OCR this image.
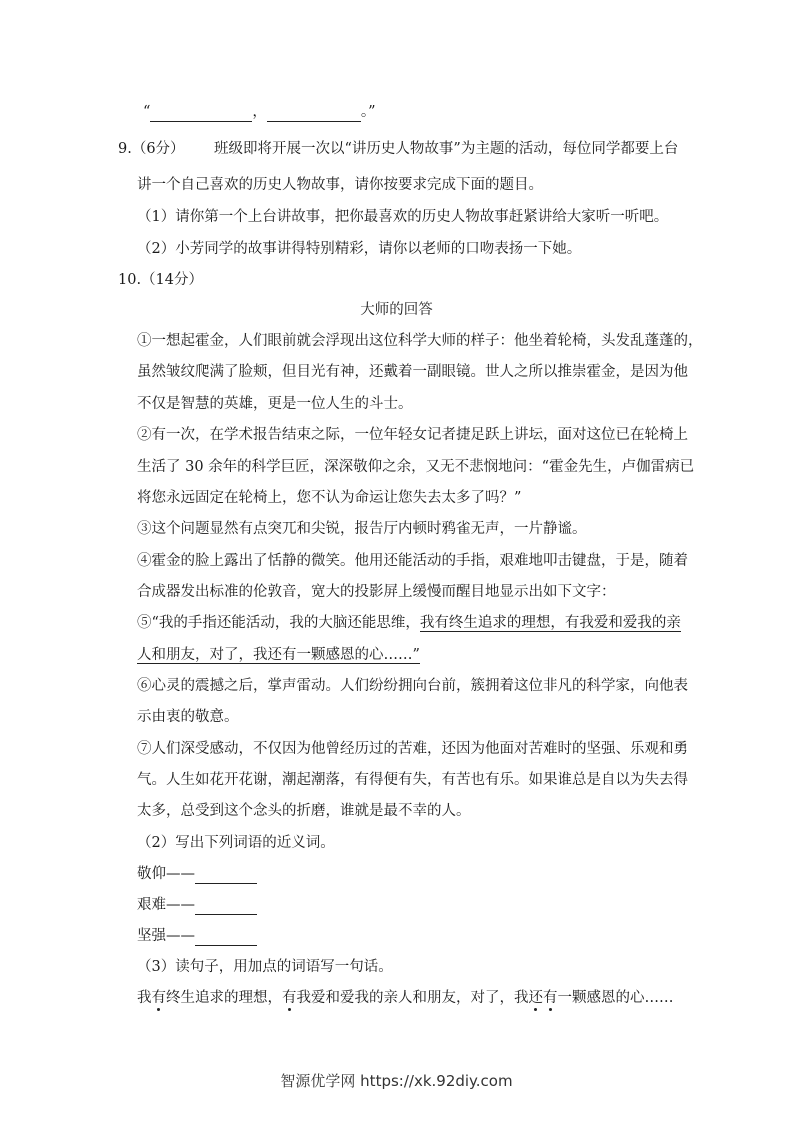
“	，	。”
9.（6分） 班级即将开展一次以“讲历史人物故事”为主题的活动，每位同学都要上台
讲一个自己喜欢的历史人物故事，请你按要求完成下面的题目。
（1）请你第一个上台讲故事，把你最喜欢的历史人物故事赶紧讲给大家听一听吧。
（2）小芳同学的故事讲得特别精彩，请你以老师的口吻表扬一下她。
10.（14分）
大师的回答
①一想起霍金，人们眼前就会浮现出这位科学大师的样子：他坐着轮椅，头发乱蓬蓬的，
虽然皱纹爬满了脸颊，但目光有神，还戴着一副眼镜。世人之所以推崇霍金，是因为他
不仅是智慧的英雄，更是一位人生的斗士。
②有一次，在学术报告结束之际，一位年轻女记者捷足跃上讲坛，面对这位已在轮椅上
生活了 30 余年的科学巨匠，深深敬仰之余，又无不悲悯地问：“霍金先生，卢伽雷病已
将您永远固定在轮椅上，您不认为命运让您失去太多了吗？”
③这个问题显然有点突兀和尖锐，报告厅内顿时鸦雀无声，一片静谧。
④霍金的脸上露出了恬静的微笑。他用还能活动的手指，艰难地叩击键盘，于是，随着
合成器发出标准的伦敦音，宽大的投影屏上缓慢而醒目地显示出如下文字：
⑤“我的手指还能活动，我的大脑还能思维，我有终生追求的理想，有我爱和爱我的亲
人和朋友，对了，我还有一颗感恩的心……”
⑥心灵的震撼之后，掌声雷动。人们纷纷拥向台前，簇拥着这位非凡的科学家，向他表
示由衷的敬意。
⑦人们深受感动，不仅因为他曾经历过的苦难，还因为他面对苦难时的坚强、乐观和勇
气。人生如花开花谢，潮起潮落，有得便有失，有苦也有乐。如果谁总是自以为失去得
太多，总受到这个念头的折磨，谁就是最不幸的人。
（2）写出下列词语的近义词。
敬仰——
艰难——
坚强——
（3）读句子，用加点的词语写一句话。
我有终生追求的理想，有我爱和爱我的亲人和朋友，对了，我还有一颗感恩的心……
智源优学网 https://xk.92diy.com
